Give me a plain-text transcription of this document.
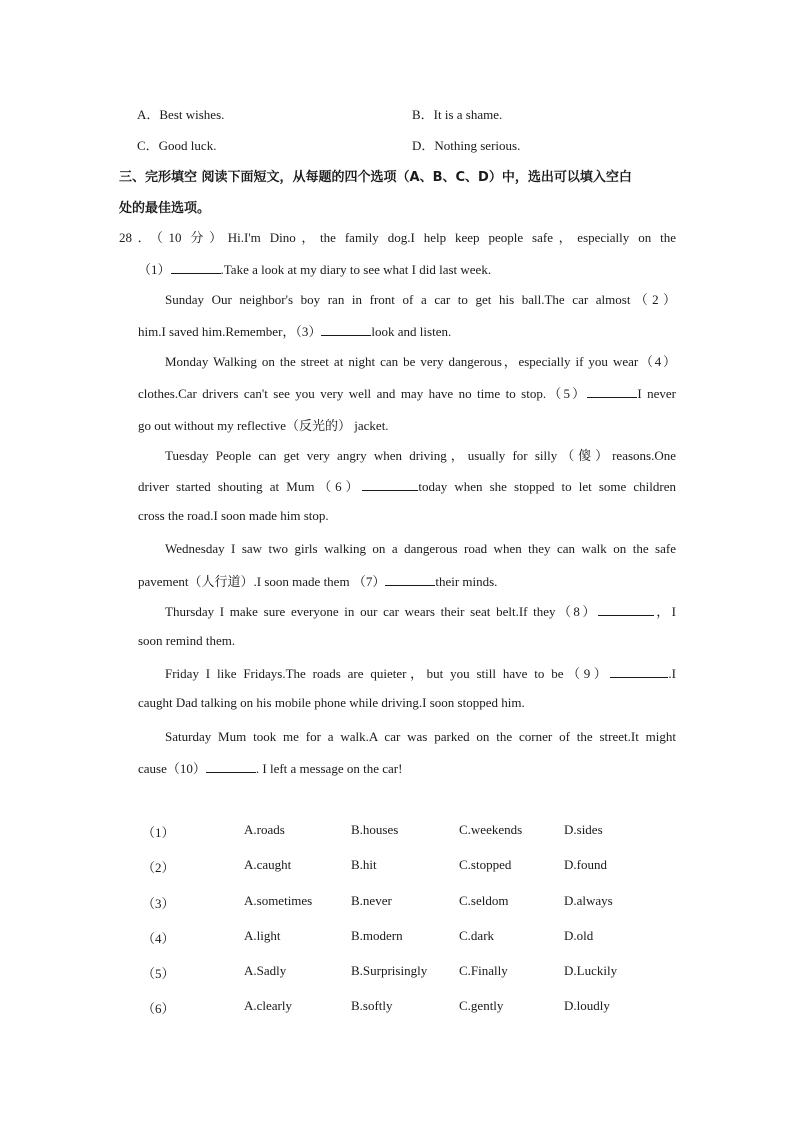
A．Best wishes.	B．It is a shame.
C．Good luck.	D．Nothing serious.
三、完形填空 阅读下面短文，从每题的四个选项（A、B、C、D）中，选出可以填入空白
处的最佳选项。
28．（10 分）Hi.I'm Dino，the family dog.I help keep people safe，especially on the
（1）	.Take a look at my diary to see what I did last week.
Sunday Our neighbor's boy ran in front of a car to get his ball.The car almost（2）
him.I saved him.Remember，（3）	look and listen.
Monday Walking on the street at night can be very dangerous，especially if you wear（4）
clothes.Car drivers can't see you very well and may have no time to stop.（5）	I never
go out without my reflective（反光的） jacket.
Tuesday People can get very angry when driving，usually for silly（傻）reasons.One
driver started shouting at Mum（6）	today when she stopped to let some children
cross the road.I soon made him stop.
Wednesday I saw two girls walking on a dangerous road when they can walk on the safe
pavement（人行道）.I soon made them （7）	their minds.
Thursday I make sure everyone in our car wears their seat belt.If they（8）	，I
soon remind them.
Friday I like Fridays.The roads are quieter，but you still have to be（9）	.I
caught Dad talking on his mobile phone while driving.I soon stopped him.
Saturday Mum took me for a walk.A car was parked on the corner of the street.It might
cause（10）	. I left a message on the car!
（1）	A.roads	B.houses	C.weekends	D.sides
（2）	A.caught	B.hit	C.stopped	D.found
（3）	A.sometimes	B.never	C.seldom	D.always
（4）	A.light	B.modern	C.dark	D.old
（5）	A.Sadly	B.Surprisingly C.Finally	D.Luckily
（6）	A.clearly	B.softly	C.gently	D.loudly
